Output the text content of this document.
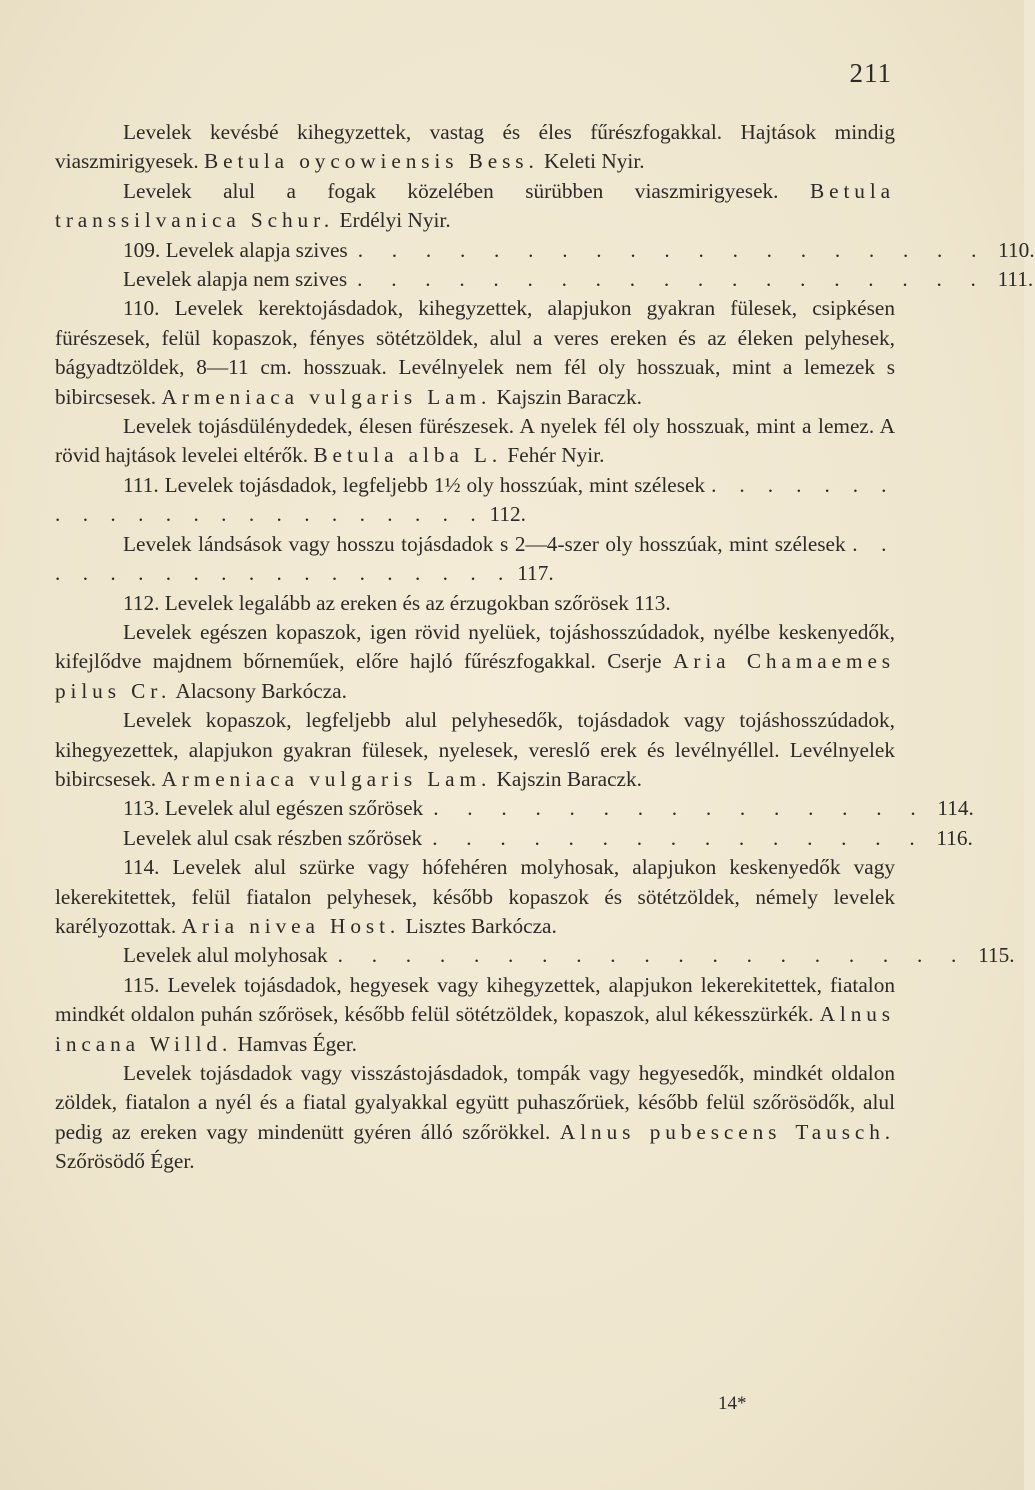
211

Levelek kevésbé kihegyzettek, vastag és éles fűrészfogakkal. Hajtások mindig viaszmirigyesek. Betula oycowiensis Bess. Keleti Nyir.

Levelek alul a fogak közelében sürübben viaszmirigyesek. Betula transsilvanica Schur. Erdélyi Nyir.

109. Levelek alapja szives . . . . . . . . . . . . . . . . . . . 110.
Levelek alapja nem szives . . . . . . . . . . . . . . . . . . . 111.

110. Levelek kerektojásdadok, kihegyzettek, alapjukon gyakran fülesek, csipkésen fürészesek, felül kopaszok, fényes sötétzöldek, alul a veres ereken és az éleken pelyhesek, bágyadtzöldek, 8—11 cm. hosszuak. Levélnyelek nem fél oly hosszuak, mint a lemezek s bibircsesek. Armeniaca vulgaris Lam. Kajszin Baraczk.

Levelek tojásdülénydedek, élesen fürészesek. A nyelek fél oly hosszuak, mint a lemez. A rövid hajtások levelei eltérők. Betula alba L. Fehér Nyir.

111. Levelek tojásdadok, legfeljebb 1½ oly hosszúak, mint szélesek . . . . . . . . . . . . . . . . . . . . . . . 112.

Levelek lándsások vagy hosszu tojásdadok s 2—4-szer oly hosszúak, mint szélesek . . . . . . . . . . . . . . . . . . . 117.

112. Levelek legalább az ereken és az érzugokban szőrösek 113.

Levelek egészen kopaszok, igen rövid nyelüek, tojáshosszúdadok, nyélbe keskenyedők, kifejlődve majdnem bőrneműek, előre hajló fűrészfogakkal. Cserje Aria Chamaemes pilus Cr. Alacsony Barkócza.

Levelek kopaszok, legfeljebb alul pelyhesedők, tojásdadok vagy tojáshosszúdadok, kihegyezettek, alapjukon gyakran fülesek, nyelesek, vereslő erek és levélnyéllel. Levélnyelek bibircsesek. Armeniaca vulgaris Lam. Kajszin Baraczk.

113. Levelek alul egészen szőrösek . . . . . . . . . . . . . . . 114.
Levelek alul csak részben szőrösek . . . . . . . . . . . . . . . 116.

114. Levelek alul szürke vagy hófehéren molyhosak, alapjukon keskenyedők vagy lekerekitettek, felül fiatalon pelyhesek, később kopaszok és sötétzöldek, némely levelek karélyozottak. Aria nivea Host. Lisztes Barkócza.

Levelek alul molyhosak . . . . . . . . . . . . . . . . . . . 115.

115. Levelek tojásdadok, hegyesek vagy kihegyzettek, alapjukon lekerekitettek, fiatalon mindkét oldalon puhán szőrösek, később felül sötétzöldek, kopaszok, alul kékesszürkék. Alnus incana Willd. Hamvas Éger.

Levelek tojásdadok vagy visszástojásdadok, tompák vagy hegyesedők, mindkét oldalon zöldek, fiatalon a nyél és a fiatal gyalyakkal együtt puhaszőrüek, később felül szőrösödők, alul pedig az ereken vagy mindenütt gyéren álló szőrökkel. Alnus pubescens Tausch. Szőrösödő Éger.

14*
